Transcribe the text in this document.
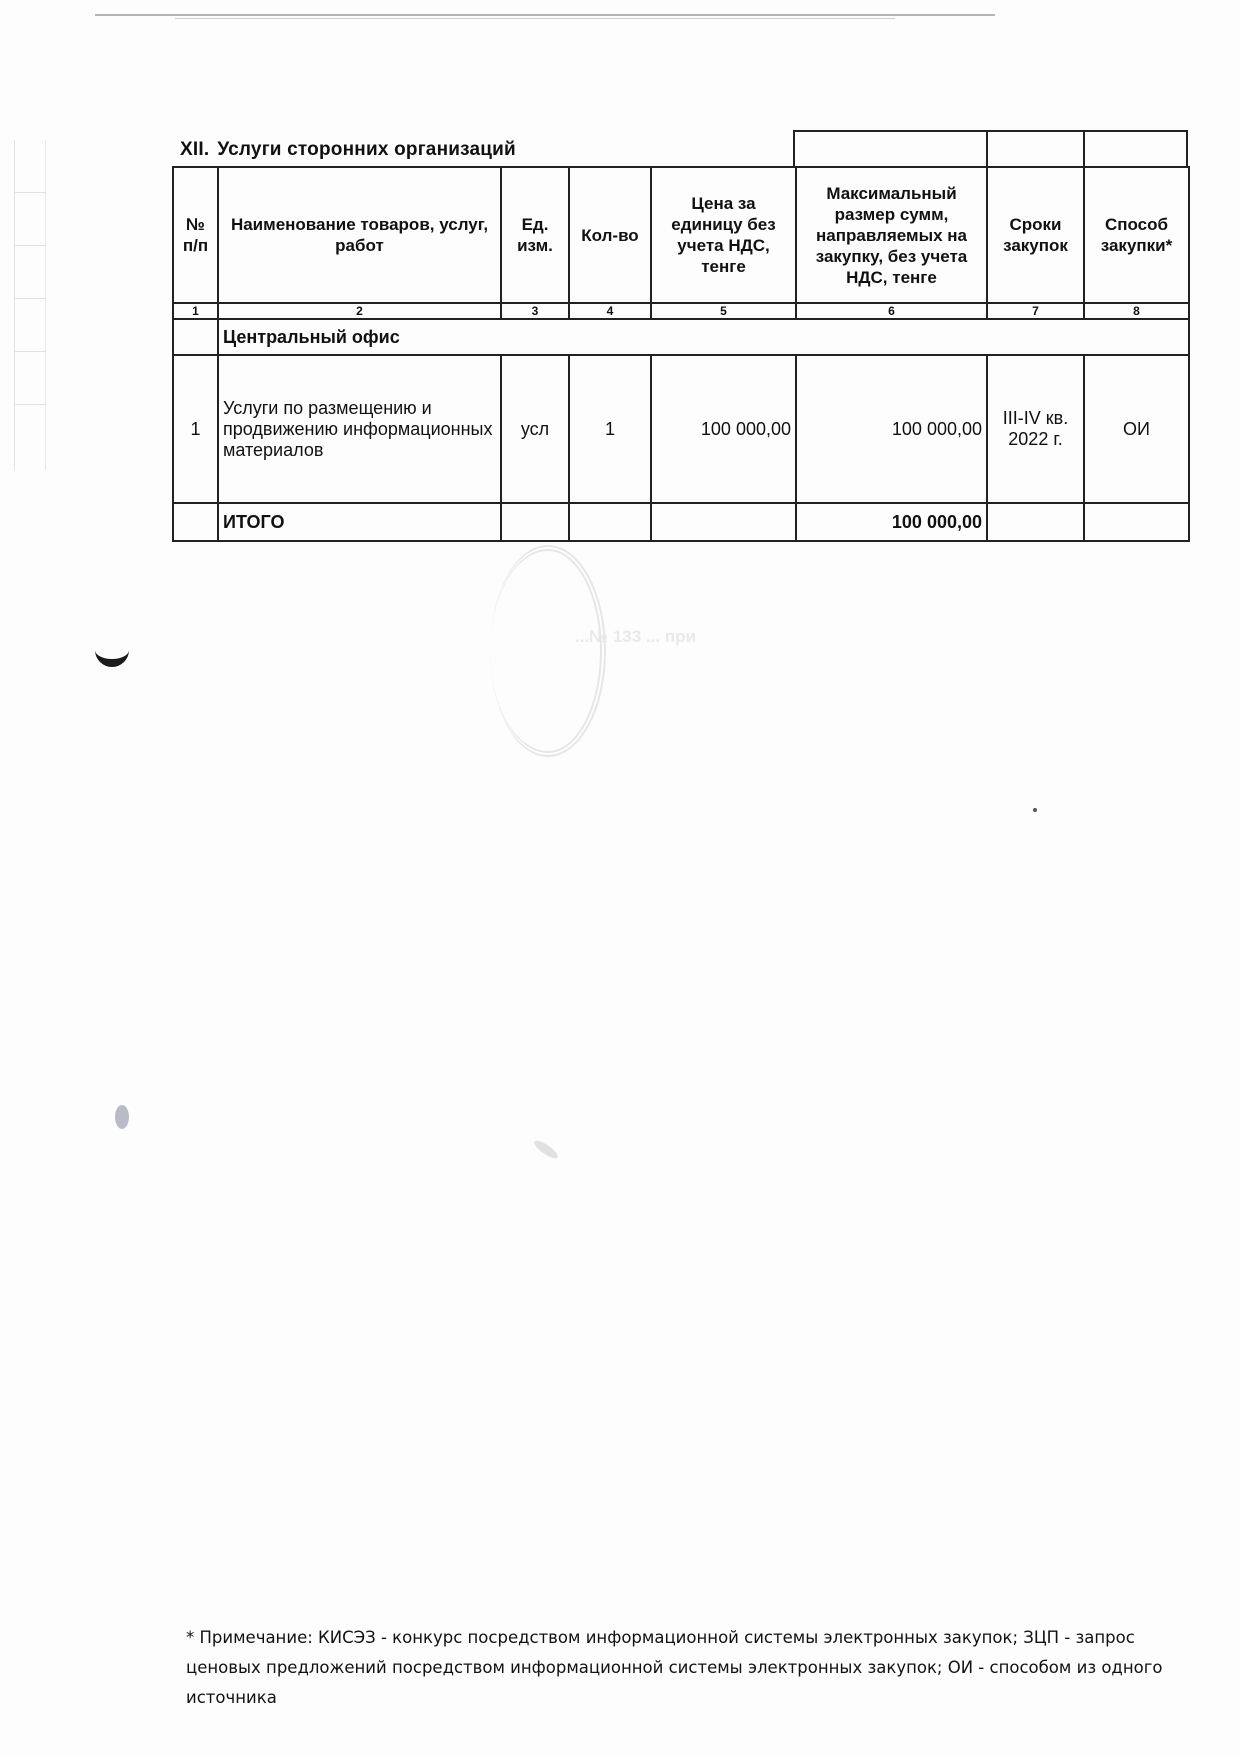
...№ 133 ... при
XII. Услуги сторонних организаций
№ п/п	Наименование товаров, услуг, работ	Ед. изм.	Кол-во	Цена за единицу без учета НДС, тенге	Максимальный размер сумм, направляемых на закупку, без учета НДС, тенге	Сроки закупок	Способ закупки*
1	2	3	4	5	6	7	8
	Центральный офис						
1	Услуги по размещению и продвижению информационных материалов	усл	1	100 000,00	100 000,00	III-IV кв. 2022 г.	ОИ
	ИТОГО				100 000,00		
* Примечание: КИСЭЗ - конкурс посредством информационной системы электронных закупок; ЗЦП - запрос ценовых предложений посредством информационной системы электронных закупок; ОИ - способом из одного источника
